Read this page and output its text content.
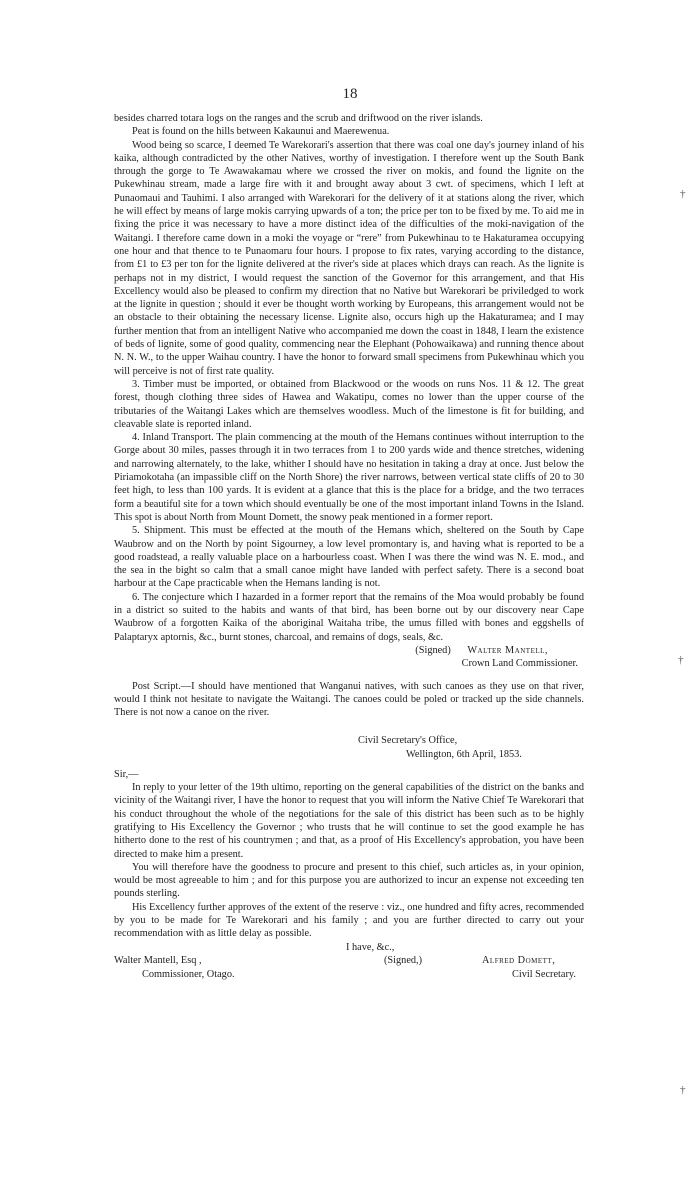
18

besides charred totara logs on the ranges and the scrub and driftwood on the river islands.

Peat is found on the hills between Kakaunui and Maerewenua.

Wood being so scarce, I deemed Te Warekorari's assertion that there was coal one day's journey inland of his kaika, although contradicted by the other Natives, worthy of investigation. I therefore went up the South Bank through the gorge to Te Awawakamau where we crossed the river on mokis, and found the lignite on the Pukewhinau stream, made a large fire with it and brought away about 3 cwt. of specimens, which I left at Punaomaui and Tauhimi. I also arranged with Warekorari for the delivery of it at stations along the river, which he will effect by means of large mokis carrying upwards of a ton; the price per ton to be fixed by me. To aid me in fixing the price it was necessary to have a more distinct idea of the difficulties of the moki-navigation of the Waitangi. I therefore came down in a moki the voyage or “rere” from Pukewhinau to te Hakaturamea occupying one hour and that thence to te Punaomaru four hours. I propose to fix rates, varying according to the distance, from £1 to £3 per ton for the lignite delivered at the river's side at places which drays can reach. As the lignite is perhaps not in my district, I would request the sanction of the Governor for this arrangement, and that His Excellency would also be pleased to confirm my direction that no Native but Warekorari be priviledged to work at the lignite in question ; should it ever be thought worth working by Europeans, this arrangement would not be an obstacle to their obtaining the necessary license. Lignite also, occurs high up the Hakaturamea; and I may further mention that from an intelligent Native who accompanied me down the coast in 1848, I learn the existence of beds of lignite, some of good quality, commencing near the Elephant (Pohowaikawa) and running thence about N. N. W., to the upper Waihau country. I have the honor to forward small specimens from Pukewhinau which you will perceive is not of first rate quality.

3. Timber must be imported, or obtained from Blackwood or the woods on runs Nos. 11 & 12. The great forest, though clothing three sides of Hawea and Wakatipu, comes no lower than the upper course of the tributaries of the Waitangi Lakes which are themselves woodless. Much of the limestone is fit for building, and cleavable slate is reported inland.

4. Inland Transport. The plain commencing at the mouth of the Hemans continues without interruption to the Gorge about 30 miles, passes through it in two terraces from 1 to 200 yards wide and thence stretches, widening and narrowing alternately, to the lake, whither I should have no hesitation in taking a dray at once. Just below the Piriamokotaha (an impassible cliff on the North Shore) the river narrows, between vertical state cliffs of 20 to 30 feet high, to less than 100 yards. It is evident at a glance that this is the place for a bridge, and the two terraces form a beautiful site for a town which should eventually be one of the most important inland Towns in the Island. This spot is about North from Mount Domett, the snowy peak mentioned in a former report.

5. Shipment. This must be effected at the mouth of the Hemans which, sheltered on the South by Cape Waubrow and on the North by point Sigourney, a low level promontary is, and having what is reported to be a good roadstead, a really valuable place on a harbourless coast. When I was there the wind was N. E. mod., and the sea in the bight so calm that a small canoe might have landed with perfect safety. There is a second boat harbour at the Cape practicable when the Hemans landing is not.

6. The conjecture which I hazarded in a former report that the remains of the Moa would probably be found in a district so suited to the habits and wants of that bird, has been borne out by our discovery near Cape Waubrow of a forgotten Kaika of the aboriginal Waitaha tribe, the umus filled with bones and eggshells of Palaptaryx aptornis, &c., burnt stones, charcoal, and remains of dogs, seals, &c.

(Signed) Walter Mantell,
Crown Land Commissioner.

Post Script.—I should have mentioned that Wanganui natives, with such canoes as they use on that river, would I think not hesitate to navigate the Waitangi. The canoes could be poled or tracked up the side channels. There is not now a canoe on the river.

Civil Secretary's Office,
Wellington, 6th April, 1853.

Sir,—

In reply to your letter of the 19th ultimo, reporting on the general capabilities of the district on the banks and vicinity of the Waitangi river, I have the honor to request that you will inform the Native Chief Te Warekorari that his conduct throughout the whole of the negotiations for the sale of this district has been such as to be highly gratifying to His Excellency the Governor ; who trusts that he will continue to set the good example he has hitherto done to the rest of his countrymen ; and that, as a proof of His Excellency's approbation, you have been directed to make him a present.

You will therefore have the goodness to procure and present to this chief, such articles as, in your opinion, would be most agreeable to him ; and for this purpose you are authorized to incur an expense not exceeding ten pounds sterling.

His Excellency further approves of the extent of the reserve : viz., one hundred and fifty acres, recommended by you to be made for Te Warekorari and his family ; and you are further directed to carry out your recommendation with as little delay as possible.

I have, &c.,
Walter Mantell, Esq ,	(Signed,)	Alfred Domett,
Commissioner, Otago.	Civil Secretary.
†
†
†
